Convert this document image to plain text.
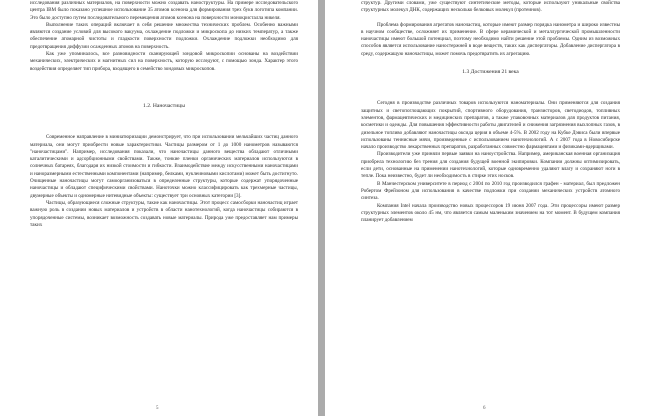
исследования различных материалов, на поверхности можно создавать наноструктуры. На примере исследовательского центра IBM было показано успешное использование 35 атомов ксенона для формирования трех букв логотипа компании. Это было доступно путем последовательного перемещения атомов ксенона на поверхности монокристалла никеля.

Выполнение таких операций включает в себя решение множества технических проблем. Особенно важными являются создание условий для высокого вакуума, охлаждение подложки и микроскопа до низких температур, а также обеспечение атомарной чистоты и гладкости поверхности подложки. Охлаждение подложки необходимо для предотвращения диффузии осажденных атомов на поверхность.

Как уже упоминалось, все разновидности сканирующей зондовой микроскопии основаны на воздействии механических, электрических и магнитных сил на поверхность, которую исследуют, с помощью зонда. Характер этого воздействия определяет тип прибора, входящего в семейство зондовых микроскопов.

1.2. Наночастицы

Современное направление в миниатюризации демонстрирует, что при использовании мельчайших частиц данного материала, они могут приобрести новые характеристики. Частицы размером от 1 до 1000 нанометров называются "наночастицами". Например, исследования показали, что наночастицы данного вещества обладают отличными каталитическими и адсорбционными свойствами. Также, тонкие пленки органических материалов используются в солнечных батареях, благодаря их низкой стоимости и гибкости. Взаимодействие между искусственными наночастицами и наноразмерными естественными компонентами (например, белками, нуклеиновыми кислотами) может быть достигнуто. Очищенные наночастицы могут самоорганизоваться в определенные структуры, которые содержат упорядоченные наночастицы и обладают специфическими свойствами. Наноточки можно классифицировать как трехмерные частицы, двумерные объекты и одномерные нитевидные объекты: существует три основных категории [3].

Частицы, образующиеся сложные структуры, такие как наночастицы. Этот процесс самосборки наночастиц играет важную роль в создании новых материалов и устройств в области нанотехнологий, когда наночастицы собираются в упорядоченные системы, возникает возможность создавать новые материалы. Природа уже предоставляет нам примеры таких

5

структур. Другими словами, уже существуют синтетические методы, которые используют уникальные свойства структурных молекул ДНК, содержащих несколько белковых молекул (протеинов).

Проблема формирования агрегатов наночастиц, которые имеют размер порядка нанометра и широко известны в научном сообществе, осложняет их применение. В сфере керамической и металлургической промышленности наночастицы имеют большой потенциал, поэтому необходимо найти решение этой проблемы. Одним из возможных способов является использование наностержней в воде веществ, таких как диспергаторы. Добавление диспергатора в среду, содержащую наночастицы, может помочь предотвратить их агрегацию.

1.3 Достижения 21 века

Сегодня в производстве различных товаров используются наноматериалы. Они применяются для создания защитных и светопоглощающих покрытий, спортивного оборудования, транзисторов, светодиодов, топливных элементов, фармацевтических и медицинских препаратов, а также упаковочных материалов для продуктов питания, косметики и одежды. Для повышения эффективности работы двигателей и снижения загрязнения выхлопных газов, в дизельное топливо добавляют наночастицы оксида церия в объеме 4-5%. В 2002 году на Кубке Дэвиса были впервые использованы теннисные мячи, произведенные с использованием нанотехнологий. А с 2007 года в Новосибирске начало производство лекарственных препаратов, разработанных совместно фармацевтами и физиками-ядерщиками.

Производители уже приняли первые заявки на наноустройства. Например, американская военная организация приобрела технологию без трения для создания будущей военной экипировки. Компании должны оптимизировать, если дети, основанные на применении нанотехнологий, которые одновременно удаляют влагу и сохраняют ноги в тепле. Пока неизвестно, будет ли необходимость в стирке этих носков.

В Манчестерском университете в период с 2004 по 2010 год производился графен - материал, был предложен Робертом Фрейзоном для использования в качестве подложки при создании механических устройств атомного синтеза.

Компания Intel начала производство новых процессоров 19 июня 2007 года. Эти процессоры имеют размер структурных элементов около 45 нм, что является самым маленьким значением на тот момент. В будущем компания планирует добавлением

6
